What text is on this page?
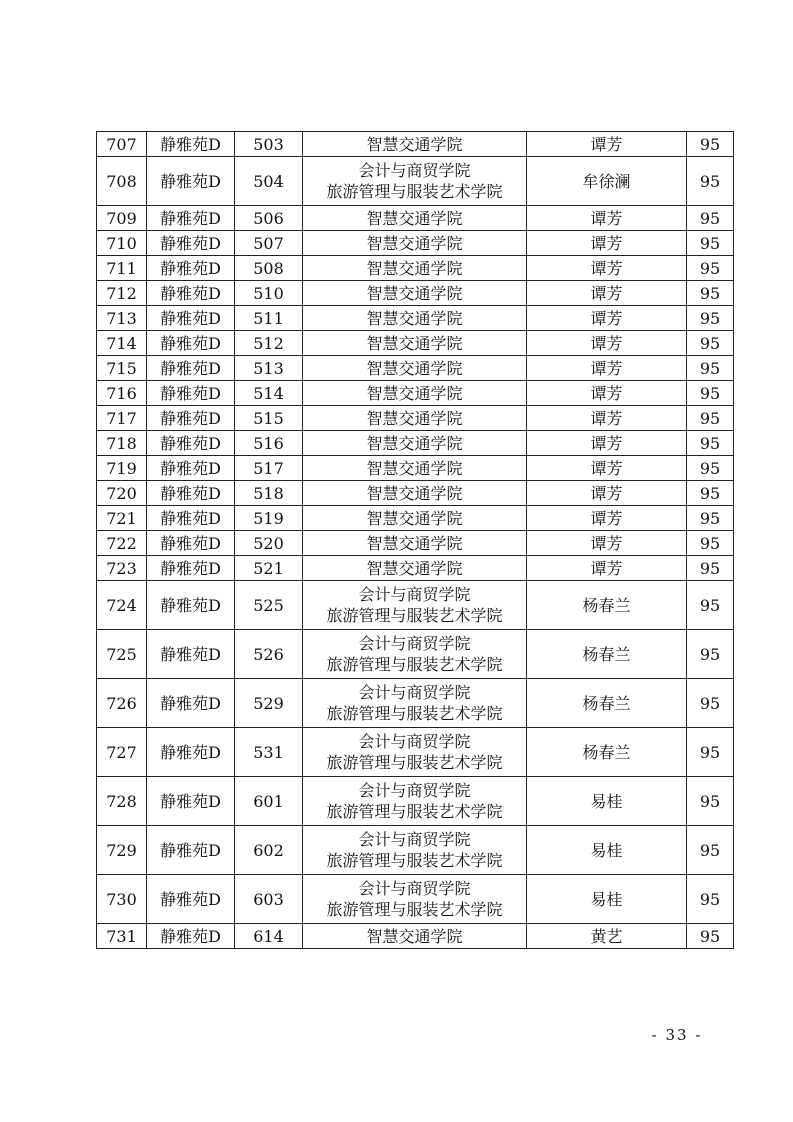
707	静雅苑D	503	智慧交通学院	谭芳	95
708	静雅苑D	504	会计与商贸学院
旅游管理与服装艺术学院	牟徐澜	95
709	静雅苑D	506	智慧交通学院	谭芳	95
710	静雅苑D	507	智慧交通学院	谭芳	95
711	静雅苑D	508	智慧交通学院	谭芳	95
712	静雅苑D	510	智慧交通学院	谭芳	95
713	静雅苑D	511	智慧交通学院	谭芳	95
714	静雅苑D	512	智慧交通学院	谭芳	95
715	静雅苑D	513	智慧交通学院	谭芳	95
716	静雅苑D	514	智慧交通学院	谭芳	95
717	静雅苑D	515	智慧交通学院	谭芳	95
718	静雅苑D	516	智慧交通学院	谭芳	95
719	静雅苑D	517	智慧交通学院	谭芳	95
720	静雅苑D	518	智慧交通学院	谭芳	95
721	静雅苑D	519	智慧交通学院	谭芳	95
722	静雅苑D	520	智慧交通学院	谭芳	95
723	静雅苑D	521	智慧交通学院	谭芳	95
724	静雅苑D	525	会计与商贸学院
旅游管理与服装艺术学院	杨春兰	95
725	静雅苑D	526	会计与商贸学院
旅游管理与服装艺术学院	杨春兰	95
726	静雅苑D	529	会计与商贸学院
旅游管理与服装艺术学院	杨春兰	95
727	静雅苑D	531	会计与商贸学院
旅游管理与服装艺术学院	杨春兰	95
728	静雅苑D	601	会计与商贸学院
旅游管理与服装艺术学院	易桂	95
729	静雅苑D	602	会计与商贸学院
旅游管理与服装艺术学院	易桂	95
730	静雅苑D	603	会计与商贸学院
旅游管理与服装艺术学院	易桂	95
731	静雅苑D	614	智慧交通学院	黄艺	95
- 33 -
